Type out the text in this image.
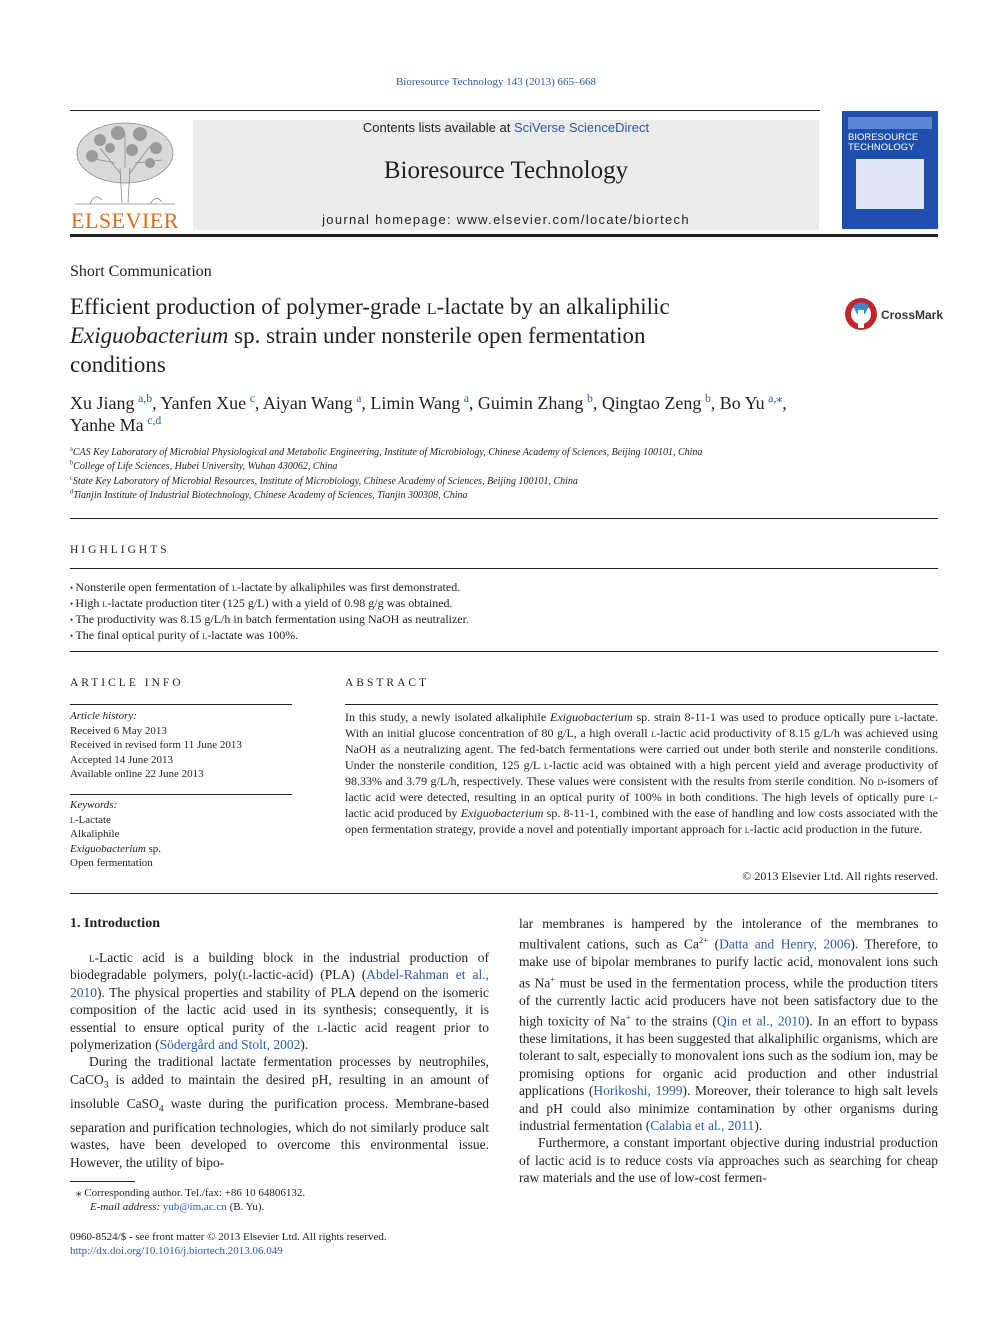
Bioresource Technology 143 (2013) 665–668
ELSEVIER
Contents lists available at SciVerse ScienceDirect
Bioresource Technology
journal homepage: www.elsevier.com/locate/biortech
BIORESOURCE
TECHNOLOGY
Short Communication
Efficient production of polymer-grade l-lactate by an alkaliphilic
Exiguobacterium sp. strain under nonsterile open fermentation
conditions
CrossMark
Xu Jiang  $^{a,b}$, Yanfen Xue  $^c$, Aiyan Wang  $^a$, Limin Wang  $^a$, Guimin Zhang  $^b$, Qingtao Zeng  $^b$, Bo Yu  $^{a,⁎}$,
Yanhe Ma  $^{c,d}$
$^a$CAS Key Laboratory of Microbial Physiological and Metabolic Engineering, Institute of Microbiology, Chinese Academy of Sciences, Beijing 100101, China
$^b$College of Life Sciences, Hubei University, Wuhan 430062, China
$^c$State Key Laboratory of Microbial Resources, Institute of Microbiology, Chinese Academy of Sciences, Beijing 100101, China
$^d$Tianjin Institute of Industrial Biotechnology, Chinese Academy of Sciences, Tianjin 300308, China
HIGHLIGHTS
• Nonsterile open fermentation of l-lactate by alkaliphiles was first demonstrated.
• High l-lactate production titer (125 g/L) with a yield of 0.98 g/g was obtained.
• The productivity was 8.15 g/L/h in batch fermentation using NaOH as neutralizer.
• The final optical purity of l-lactate was 100%.
ARTICLE INFO
Article history:
Received 6 May 2013
Received in revised form 11 June 2013
Accepted 14 June 2013
Available online 22 June 2013
Keywords:
l-Lactate
Alkaliphile
Exiguobacterium sp.
Open fermentation
ABSTRACT
In this study, a newly isolated alkaliphile Exiguobacterium sp. strain 8-11-1 was used to produce optically pure l-lactate. With an initial glucose concentration of 80 g/L, a high overall l-lactic acid productivity of 8.15 g/L/h was achieved using NaOH as a neutralizing agent. The fed-batch fermentations were carried out under both sterile and nonsterile conditions. Under the nonsterile condition, 125 g/L l-lactic acid was obtained with a high percent yield and average productivity of 98.33% and 3.79 g/L/h, respectively. These values were consistent with the results from sterile condition. No d-isomers of lactic acid were detected, resulting in an optical purity of 100% in both conditions. The high levels of optically pure l-lactic acid produced by Exiguobacterium sp. 8-11-1, combined with the ease of handling and low costs associated with the open fermentation strategy, provide a novel and potentially important approach for l-lactic acid production in the future.
© 2013 Elsevier Ltd. All rights reserved.
1. Introduction

l-Lactic acid is a building block in the industrial production of biodegradable polymers, poly(l-lactic-acid) (PLA) (Abdel-Rahman et al., 2010). The physical properties and stability of PLA depend on the isomeric composition of the lactic acid used in its synthesis; consequently, it is essential to ensure optical purity of the l-lactic acid reagent prior to polymerization (Södergård and Stolt, 2002).

During the traditional lactate fermentation processes by neutrophiles, CaCO$_3$ is added to maintain the desired pH, resulting in an amount of insoluble CaSO$_4$ waste during the purification process. Membrane-based separation and purification technologies, which do not similarly produce salt wastes, have been developed to overcome this environmental issue. However, the utility of bipo-

lar membranes is hampered by the intolerance of the membranes to multivalent cations, such as $Ca^{2+}$ (Datta and Henry, 2006). Therefore, to make use of bipolar membranes to purify lactic acid, monovalent ions such as Na+ must be used in the fermentation process, while the production titers of the currently lactic acid producers have not been satisfactory due to the high toxicity of Na+ to the strains (Qin et al., 2010). In an effort to bypass these limitations, it has been suggested that alkaliphilic organisms, which are tolerant to salt, especially to monovalent ions such as the sodium ion, may be promising options for organic acid production and other industrial applications (Horikoshi, 1999). Moreover, their tolerance to high salt levels and pH could also minimize contamination by other organisms during industrial fermentation (Calabia et al., 2011).

Furthermore, a constant important objective during industrial production of lactic acid is to reduce costs via approaches such as searching for cheap raw materials and the use of low-cost fermen-

⁎ Corresponding author. Tel./fax: +86 10 64806132.
E-mail address: yub@im.ac.cn (B. Yu).
0960-8524/$ - see front matter © 2013 Elsevier Ltd. All rights reserved.
http://dx.doi.org/10.1016/j.biortech.2013.06.049
